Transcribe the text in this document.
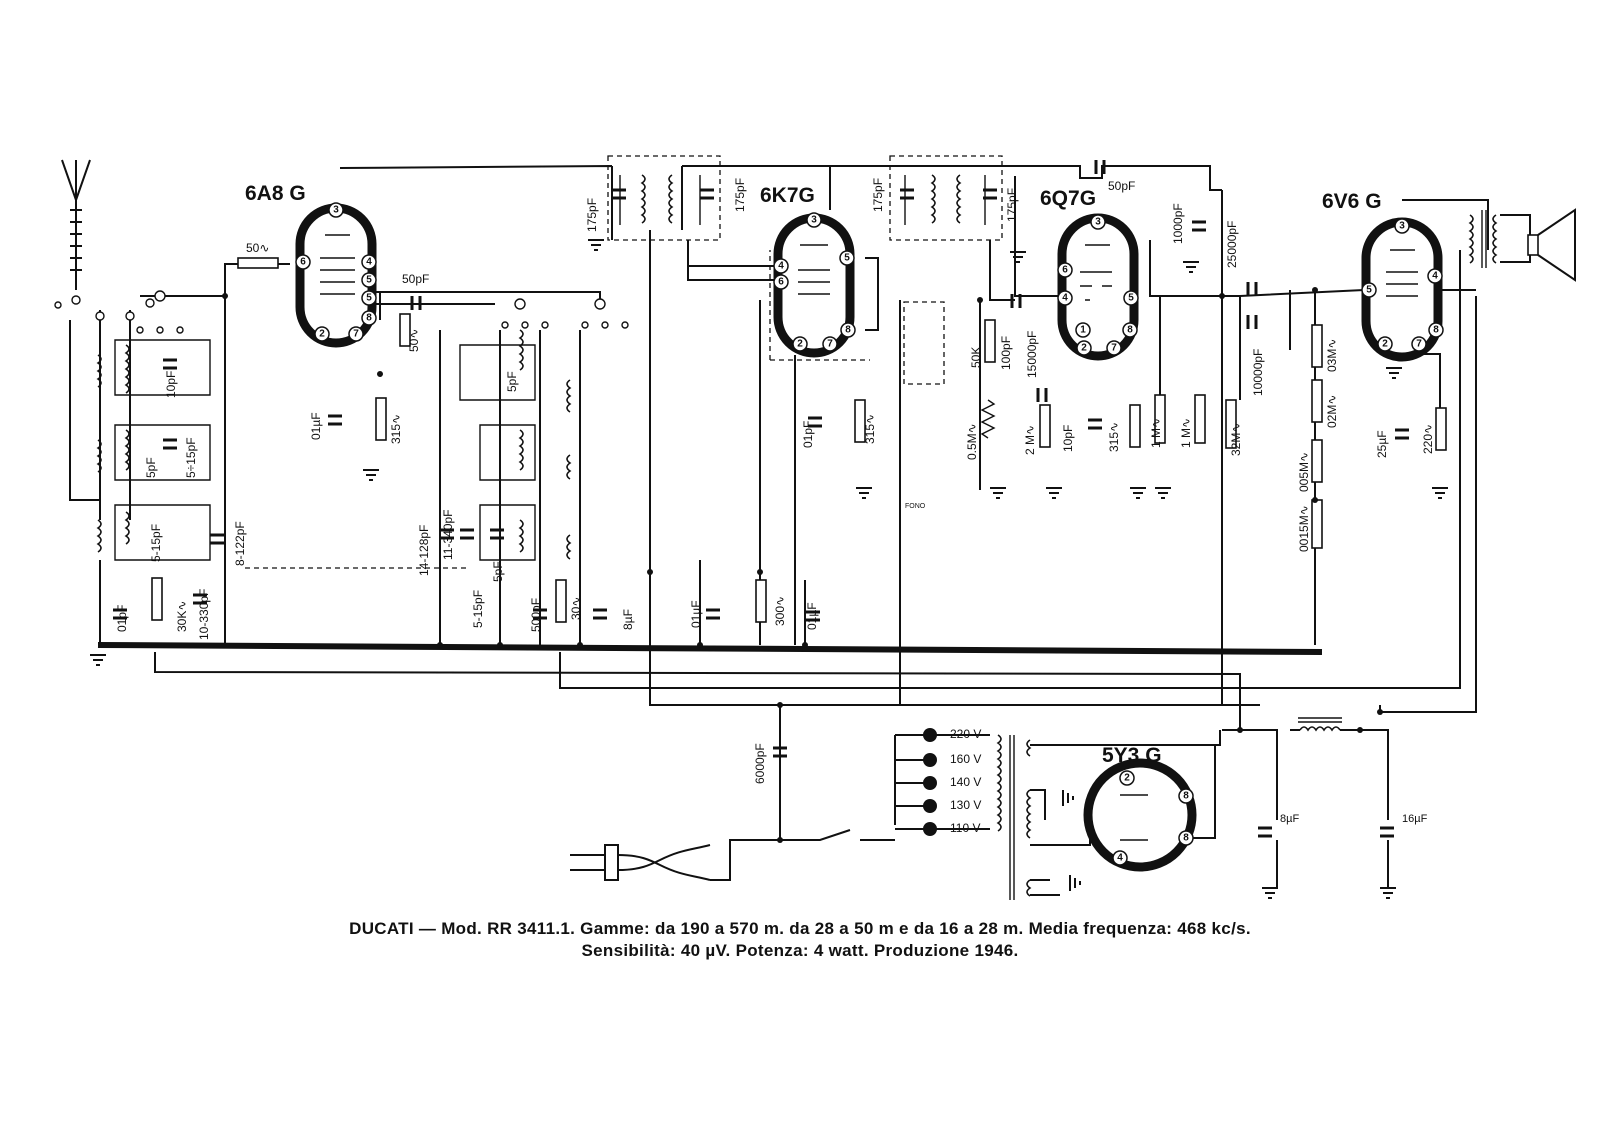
3
6	4
5
5
8
2	7
3
4
6
5
2 7
8
3
6
4	5
1	8
2 7
3
5
4
2	7
8
2
8
8
4
6A8 G	6K7G	6Q7G	6V6 G
5Y3 G
50∿
50pF
50pF
50∿
01µF	315∿
10pF
5pF 5÷15pF
5-15pF
01pF	30K∿ 10-330pF
8-122pF	14-128pF 11-340pF
5pF
5-15pF
5pF
500pF 30∿	8µF
175pF
175pF	175pF	175pF
01µF	300∿ 01µF
01pF	315∿
50K 100pF 15000pF
0.5M∿	2 M∿ 10pF	315∿ 1 M∿ 1 M∿
1000pF	25000pF
32M∿
10000pF	03M∿
02M∿
005M∿
0015M∿
25µF	220∿
FONO
6000pF
220 V
160 V
140 V
130 V
110 V
8µF	16µF
DUCATI — Mod. RR 3411.1. Gamme: da 190 a 570 m. da 28 a 50 m e da 16 a 28 m. Media frequenza: 468 kc/s.
Sensibilità: 40 µV. Potenza: 4 watt. Produzione 1946.
